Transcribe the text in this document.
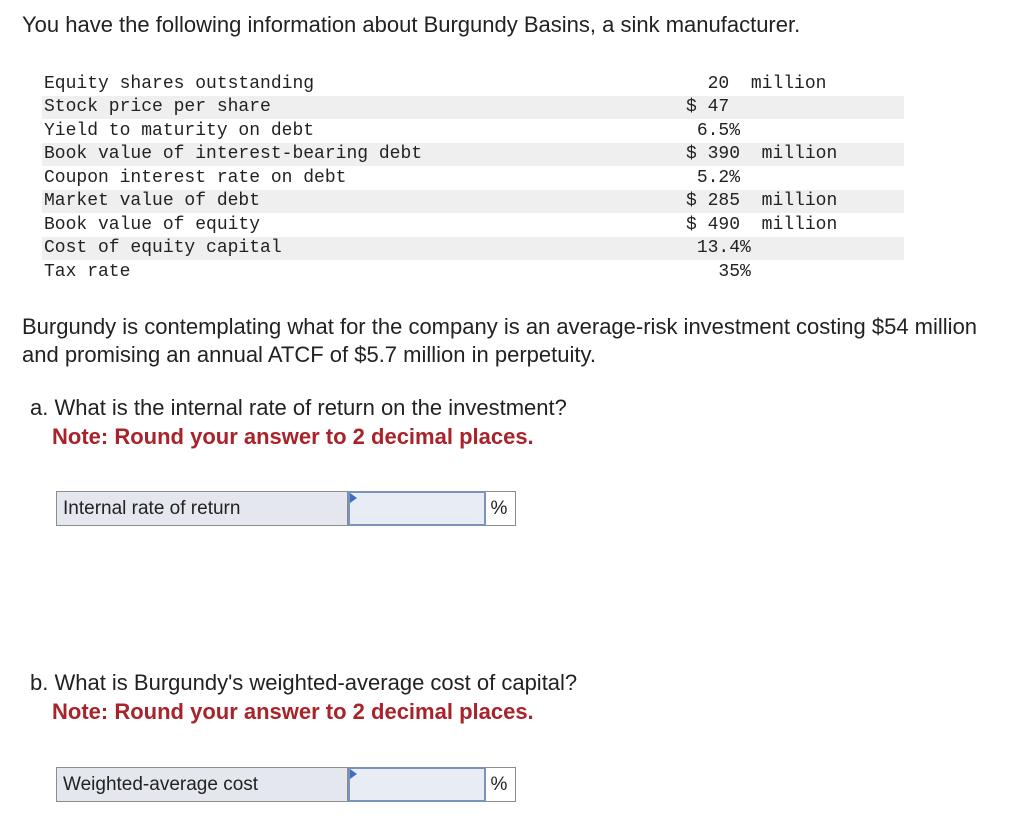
You have the following information about Burgundy Basins, a sink manufacturer.

Equity shares outstanding	20  million
Stock price per share	$ 47
Yield to maturity on debt	6.5%
Book value of interest-bearing debt	$ 390  million
Coupon interest rate on debt	5.2%
Market value of debt	$ 285  million
Book value of equity	$ 490  million
Cost of equity capital	13.4%
Tax rate	35%

Burgundy is contemplating what for the company is an average-risk investment costing $54 million and promising an annual ATCF of $5.7 million in perpetuity.

a. What is the internal rate of return on the investment?
Note: Round your answer to 2 decimal places.
Internal rate of return	%
b. What is Burgundy's weighted-average cost of capital?
Note: Round your answer to 2 decimal places.
Weighted-average cost	%
